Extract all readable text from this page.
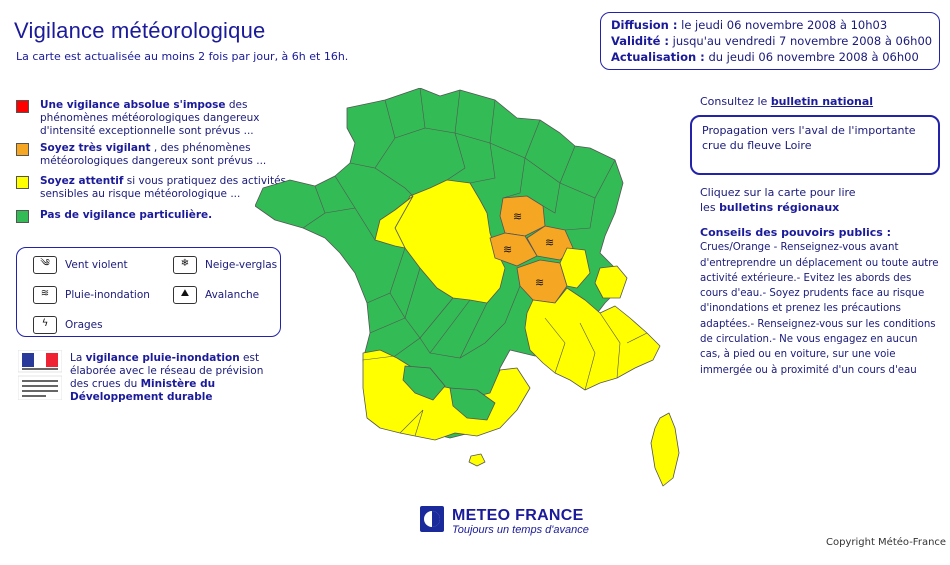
Vigilance météorologique
La carte est actualisée au moins 2 fois par jour, à 6h et 16h.
Diffusion : le jeudi 06 novembre 2008 à 10h03
Validité : jusqu'au vendredi 7 novembre 2008 à 06h00
Actualisation : du jeudi 06 novembre 2008 à 06h00
Une vigilance absolue s'impose des phénomènes météorologiques dangereux d'intensité exceptionnelle sont prévus ...
Soyez très vigilant , des phénomènes météorologiques dangereux sont prévus ...
Soyez attentif si vous pratiquez des activités sensibles au risque météorologique ...
Pas de vigilance particulière.
༄	Vent violent	❄	Neige-verglas
≋	Pluie-inondation	⛰	Avalanche
ϟ	Orages
La vigilance pluie-inondation est élaborée avec le réseau de prévision des crues du Ministère du Développement durable
≋
≋
≋
≋
Consultez le bulletin national
Propagation vers l'aval de l'importante crue du fleuve Loire
Cliquez sur la carte pour lire
les bulletins régionaux
Conseils des pouvoirs publics :
Crues/Orange - Renseignez-vous avant d'entreprendre un déplacement ou toute autre activité extérieure.- Evitez les abords des cours d'eau.- Soyez prudents face au risque d'inondations et prenez les précautions adaptées.- Renseignez-vous sur les conditions de circulation.- Ne vous engagez en aucun cas, à pied ou en voiture, sur une voie immergée ou à proximité d'un cours d'eau
METEO FRANCE
Toujours un temps d'avance
Copyright Météo-France
